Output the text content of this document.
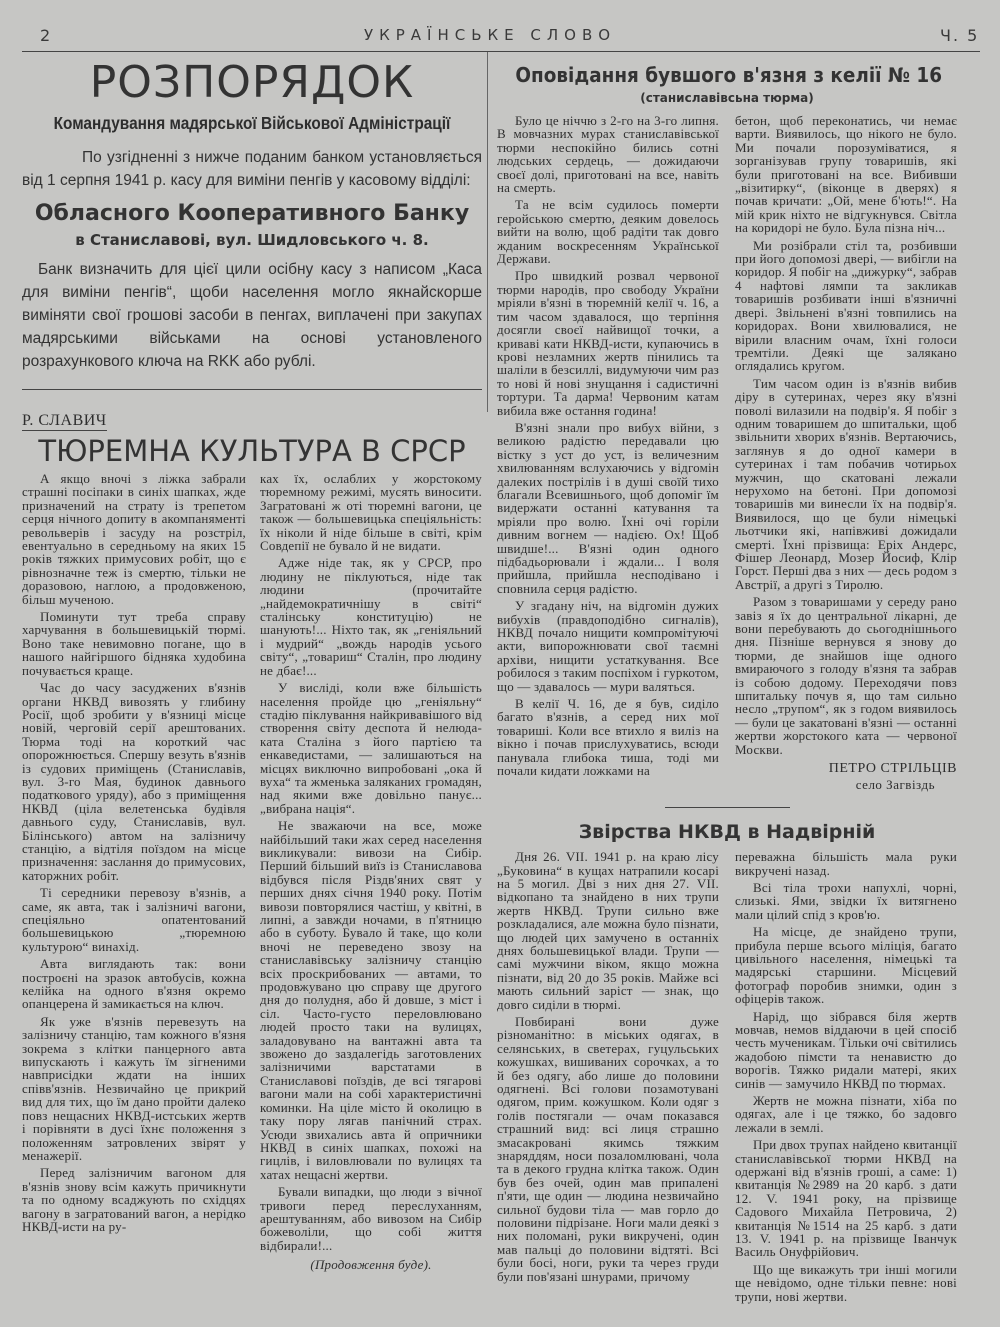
2	УКРАЇНСЬКЕ СЛОВО	Ч. 5
РОЗПОРЯДОК
Командування мадярської Військової Адміністрації

По узгідненні з нижче поданим банком установляється від 1 серпня 1941 р. касу для виміни пенгів у касовому відділі:

Обласного Кооперативного Банку
в Станиславові, вул. Шидловського ч. 8.

Банк визначить для цієї цили осібну касу з написом „Каса для виміни пенгів“, щоби населення могло якнайскорше виміняти свої грошові засоби в пенгах, виплачені при закупах мадярськими військами на основі установленого розрахункового ключа на RKK або рублі.

Р. СЛАВИЧ
ТЮРЕМНА КУЛЬТУРА В СРСР

А якщо вночі з ліжка забрали страшні посіпаки в синіх шапках, жде призначений на страту із трепетом серця нічного допиту в акомпаняменті револьверів і засуду на розстріл, евентуально в середньому на яких 15 років тяжких примусових робіт, що є рівнозначне теж із смертю, тільки не доразовою, наглою, а продовженою, більш мученою.

Поминути тут треба справу харчування в большевицькій тюрмі. Воно таке невимовно погане, що в нашого найгіршого бідняка худобина почувається краще.

Час до часу засуджених в'язнів органи НКВД вивозять у глибину Росії, щоб зробити у в'язниці місце новій, черговій серії арештованих. Тюрма тоді на короткий час опорожнюється. Спершу везуть в'язнів із судових приміщень (Станиславів, вул. 3-го Мая, будинок давнього податкового уряду), або з приміщення НКВД (ціла велетенська будівля давнього суду, Станиславів, вул. Білінського) автом на залізничу станцію, а відтіля поїздом на місце призначення: заслання до примусових, каторжних робіт.

Ті середники перевозу в'язнів, а саме, як авта, так і залізничі вагони, спеціяльно опатентований большевицькою „тюремною культурою“ винахід.

Авта виглядають так: вони построєні на зразок автобусів, кожна келійка на одного в'язня окремо опанцерена й замикається на ключ.

Як уже в'язнів перевезуть на залізничу станцію, там кожного в'язня зокрема з клітки панцерного авта випускають і кажуть їм зігненими навприсідки ждати на інших співв'язнів. Незвичайно це прикрий вид для тих, що їм дано пройти далеко повз нещасних НКВД-истських жертв і порівняти в дусі їхнє положення з положенням затровлених звірят у менажерії.

Перед залізничим вагоном для в'язнів знову всім кажуть причикнути та по одному всаджують по східцях вагону в загратований вагон, а нерідко НКВД-исти на ру-

ках їх, ослаблих у жорстокому тюремному режимі, мусять виносити. Загратовані ж оті тюремні вагони, це також — большевицька спеціяльність: їх ніколи й ніде більше в світі, крім Совдепії не бувало й не видати.

Адже ніде так, як у СРСР, про людину не піклуються, ніде так людини (прочитайте „найдемократичнішу в світі“ сталінську конституцію) не шанують!... Ніхто так, як „геніяльний і мудрий“ „вождь народів усього світу“, „товариш“ Сталін, про людину не дбає!...

У висліді, коли вже більшість населення пройде цю „геніяльну“ стадію піклування найкривавішого від створення світу деспота й нелюда-ката Сталіна з його партією та енкаведистами, — залишаються на місцях виключно випробовані „ока й вуха“ та жменька заляканих громадян, над якими вже довільно панує... „вибрана нація“.

Не зважаючи на все, може найбільший таки жах серед населення викликували: вивози на Сибір. Перший більший виїз із Станиславова відбувся після Різдв'яних свят у перших днях січня 1940 року. Потім вивози повторялися частіш, у квітні, в липні, а завжди ночами, в п'ятницю або в суботу. Бувало й таке, що коли вночі не переведено звозу на станиславівську залізничу станцію всіх проскрибованих — автами, то продовжувано цю справу ще другого дня до полудня, або й довше, з міст і сіл. Часто-густо переловлювано людей просто таки на вулицях, заладовувано на вантажні авта та звожено до заздалегідь заготовлених залізничими варстатами в Станиславові поїздів, де всі тягарові вагони мали на собі характеристичні коминки. На ціле місто й околицю в таку пору лягав панічний страх. Усюди звихались авта й опричники НКВД в синіх шапках, похожі на гицлів, і виловлювали по вулицях та хатах нещасні жертви.

Бували випадки, що люди з вічної тривоги перед переслуханням, арештуванням, або вивозом на Сибір божеволіли, що собі життя відбирали!...

(Продовження буде).
Оповідання бувшого в'язня з келії № 16
(станиславівсьна тюрма)

Було це ніччю з 2-го на 3-го липня. В мовчазних мурах станиславівської тюрми неспокійно бились сотні людських сердець, — дожидаючи своєї долі, приготовані на все, навіть на смерть.

Та не всім судилось померти геройською смертю, деяким довелось вийти на волю, щоб радіти так довго жданим воскресенням Української Держави.

Про швидкий розвал червоної тюрми народів, про свободу України мріяли в'язні в тюремній келії ч. 16, а тим часом здавалося, що терпіння досягли своєї найвищої точки, а криваві кати НКВД-исти, купаючись в крові незламних жертв пінились та шаліли в безсиллі, видумуючи чим раз то нові й нові знущання і садистичні тортури. Та дарма! Червоним катам вибила вже остання година!

В'язні знали про вибух війни, з великою радістю передавали цю вістку з уст до уст, із величезним хвилюванням вслухаючись у відгомін далеких пострілів і в душі своїй тихо благали Всевишнього, щоб допоміг їм видержати останні катування та мріяли про волю. Їхні очі горіли дивним вогнем — надією. Ох! Щоб швидше!... В'язні один одного підбадьорювали і ждали... І воля прийшла, прийшла несподівано і сповнила серця радістю.

У згадану ніч, на відгомін дужих вибухів (правдоподібно сигналів), НКВД почало нищити компромітуючі акти, випорожнювати свої таємні архіви, нищити устаткування. Все робилося з таким поспіхом і гуркотом, що — здавалось — мури валяться.

В келії Ч. 16, де я був, сиділо багато в'язнів, а серед них мої товариші. Коли все втихло я виліз на вікно і почав прислухуватись, всюди панувала глибока тиша, тоді ми почали кидати ложками на

бетон, щоб переконатись, чи немає варти. Виявилось, що нікого не було. Ми почали порозумiватися, я зорганізував групу товаришів, які були приготовані на все. Вибивши „візитирку“, (віконце в дверях) я почав кричати: „Ой, мене б'ють!“. На мій крик ніхто не відгукнувся. Світла на коридорі не було. Була пізна ніч...

Ми розібрали стіл та, розбивши при його допомозі двері, — вибігли на коридор. Я побіг на „дижурку“, забрав 4 нафтові лямпи та закликав товаришів розбивати інші в'язничні двері. Звільнені в'язні товпились на коридорах. Вони хвилювалися, не вірили власним очам, їхні голоси тремтіли. Деякі ще залякано оглядались кругом.

Тим часом один із в'язнів вибив діру в сутеринах, через яку в'язні поволі вилазили на подвір'я. Я побіг з одним товаришем до шпитальки, щоб звільнити хворих в'язнів. Вертаючись, заглянув я до одної камери в сутеринах і там побачив чотирьох мужчин, що скатовані лежали нерухомо на бетоні. При допомозі товаришів ми винесли їх на подвір'я. Виявилося, що це були німецькі льотчики які, напівживі дожидали смерті. Їхні прізвища: Еріх Андерс, Фішер Леонард, Мозер Йосиф, Клір Горст. Перші два з них — десь родом з Австрії, а другі з Тиролю.

Разом з товаришами у середу рано завіз я їх до центральної лікарні, де вони перебувають до сьогоднішнього дня. Пізніше вернувся я знову до тюрми, де знайшов іще одного вмираючого з голоду в'язня та забрав із собою додому. Переходячи повз шпитальку почув я, що там сильно несло „трупом“, як з годом виявилось — були це закатовані в'язні — останні жертви жорстокого ката — червоної Москви.

ПЕТРО СТРІЛЬЦІВ
село Загвіздь
Звірства НКВД в Надвірній

Дня 26. VII. 1941 р. на краю лісу „Буковина“ в кущах натрапили косарі на 5 могил. Дві з них дня 27. VII. відкопано та знайдено в них трупи жертв НКВД. Трупи сильно вже розкладалися, але можна було пізнати, що людей цих замучено в останніх днях большевицької влади. Трупи — самі мужчини віком, якщо можна пізнати, від 20 до 35 років. Майже всі мають сильний заріст — знак, що довго сиділи в тюрмі.

Повбирані вони дуже різноманітно: в міських одягах, в селянських, в светерах, гуцульських кожушках, вишиваних сорочках, а то й без одягу, або лише до половини одягнені. Всі голови позамотувані одягом, прим. кожушком. Коли одяг з голів постягали — очам показався страшний вид: всі лиця страшно змасакровані якимсь тяжким знаряддям, носи позаломлювані, чола та в декого грудна клітка також. Один був без очей, один мав припалені п'яти, ще один — людина незвичайно сильної будови тіла — мав горло до половини підрізане. Ноги мали деякі з них поломані, руки викручені, один мав пальці до половини відтяті. Всі були босі, ноги, руки та через груди були пов'язані шнурами, причому

переважна більшість мала руки викручені назад.

Всі тіла трохи напухлі, чорні, слизькі. Ями, звідки їх витягнено мали цілий спід з кров'ю.

На місце, де знайдено трупи, прибула перше всього міліція, багато цивільного населення, німецькі та мадярські старшини. Місцевий фотограф поробив знимки, один з офіцерів також.

Нарід, що зібрався біля жертв мовчав, немов віддаючи в цей спосіб честь мученикам. Тільки очі світились жадобою пімсти та ненавистю до ворогів. Тяжко ридали матері, яких синів — замучило НКВД по тюрмах.

Жертв не можна пізнати, хіба по одягах, але і це тяжко, бо задовго лежали в землі.

При двох трупах найдено квитанції станиславівської тюрми НКВД на одержані від в'язнів гроші, а саме: 1) квитанція №2989 на 20 карб. з дати 12. V. 1941 року, на прізвище Садового Михайла Петровича, 2) квитанція №1514 на 25 карб. з дати 13. V. 1941 р. на прізвище Іванчук Василь Онуфрійович.

Що ще викажуть три інші могили ще невідомо, одне тільки певне: нові трупи, нові жертви.
